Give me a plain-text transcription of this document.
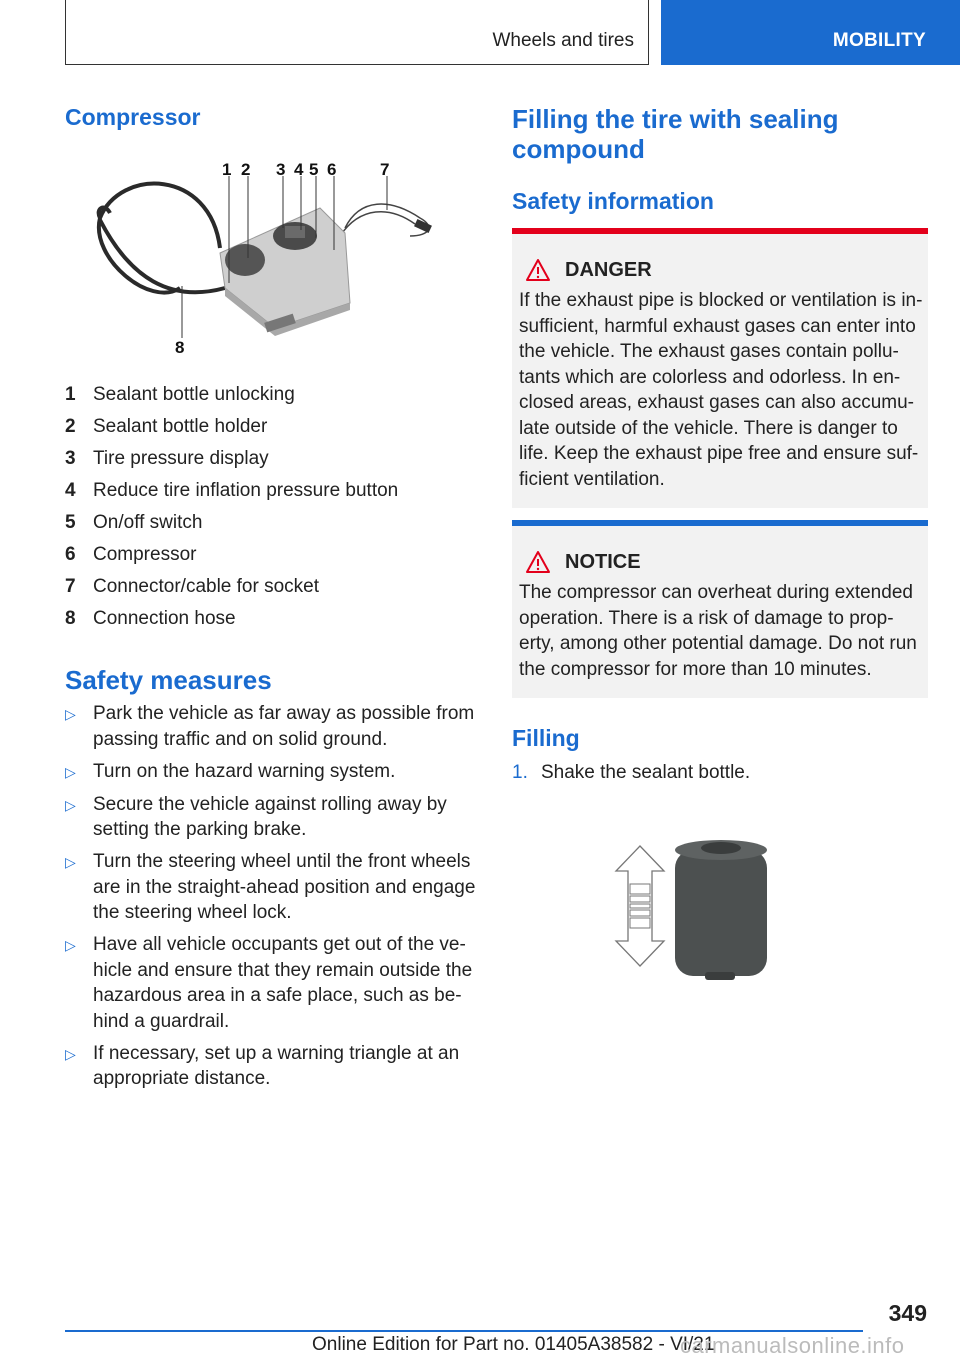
Wheels and tires	MOBILITY
Compressor
1 2 3 4 5 6	7
8
1 Sealant bottle unlocking
2 Sealant bottle holder
3 Tire pressure display
4 Reduce tire inflation pressure button
5 On/off switch
6 Compressor
7 Connector/cable for socket
8 Connection hose
Safety measures
▷ Park the vehicle as far away as possible from passing traffic and on solid ground.
▷ Turn on the hazard warning system.
▷ Secure the vehicle against rolling away by setting the parking brake.
▷ Turn the steering wheel until the front wheels are in the straight-ahead position and engage the steering wheel lock.
▷ Have all vehicle occupants get out of the ve- hicle and ensure that they remain outside the hazardous area in a safe place, such as be- hind a guardrail.
▷ If necessary, set up a warning triangle at an appropriate distance.
Filling the tire with sealing compound
Safety information
DANGER
If the exhaust pipe is blocked or ventilation is in- sufficient, harmful exhaust gases can enter into the vehicle. The exhaust gases contain pollu- tants which are colorless and odorless. In en- closed areas, exhaust gases can also accumu- late outside of the vehicle. There is danger to life. Keep the exhaust pipe free and ensure suf- ficient ventilation.
NOTICE
The compressor can overheat during extended operation. There is a risk of damage to prop- erty, among other potential damage. Do not run the compressor for more than 10 minutes.
Filling
1. Shake the sealant bottle.
349
Online Edition for Part no. 01405A38582 - VI/21
carmanualsonline.info
